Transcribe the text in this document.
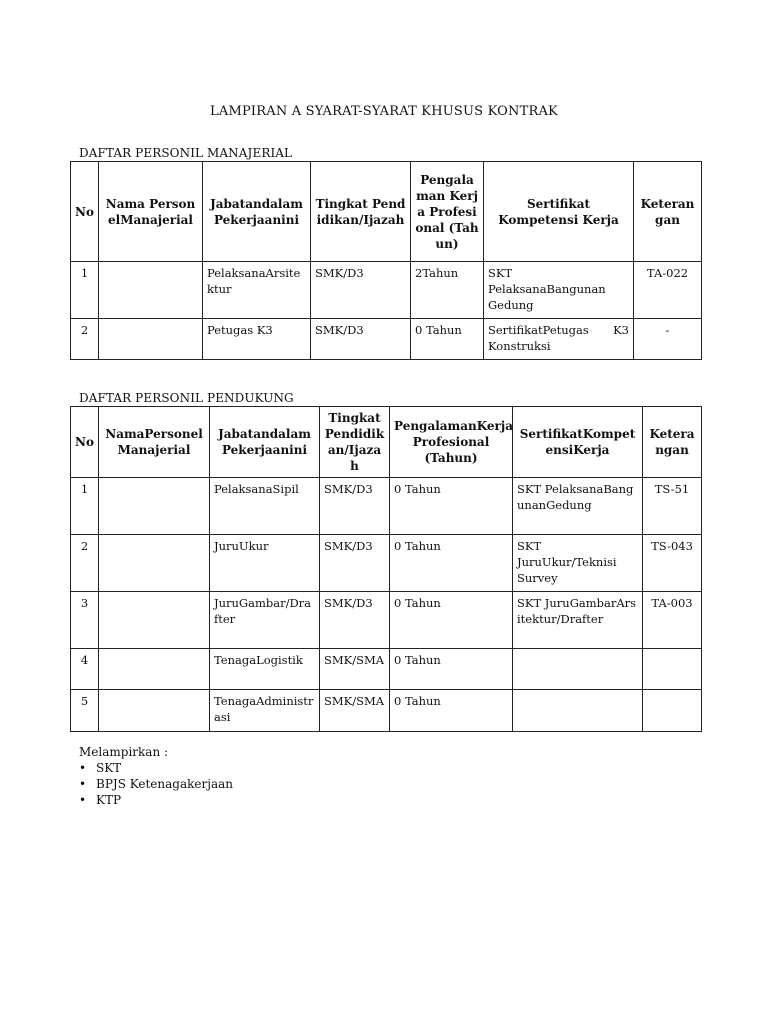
LAMPIRAN A SYARAT-SYARAT KHUSUS KONTRAK
DAFTAR PERSONIL MANAJERIAL
No	Nama PersonelManajerial	Jabatandalam Pekerjaanini	Tingkat Pendidikan/Ijazah	Pengalaman Kerja Profesional (Tahun)	Sertifikat Kompetensi Kerja	Keterangan
1		PelaksanaArsitektur	SMK/D3	2Tahun	SKT PelaksanaBangunan Gedung	TA-022
2		Petugas K3	SMK/D3	0 Tahun	SertifikatPetugas K3 Konstruksi	-
DAFTAR PERSONIL PENDUKUNG
No	NamaPersonel Manajerial	JabatandalamPekerjaanini	Tingkat Pendidikan/Ijazah	PengalamanKerja Profesional (Tahun)	SertifikatKompetensiKerja	Keterangan
1		PelaksanaSipil	SMK/D3	0 Tahun	SKT PelaksanaBangunanGedung	TS-51
2		JuruUkur	SMK/D3	0 Tahun	SKT JuruUkur/Teknisi Survey	TS-043
3		JuruGambar/Drafter	SMK/D3	0 Tahun	SKT JuruGambarArsitektur/Drafter	TA-003
4		TenagaLogistik	SMK/SMA	0 Tahun		
5		TenagaAdministrasi	SMK/SMA	0 Tahun		
Melampirkan :
• SKT
• BPJS Ketenagakerjaan
• KTP
